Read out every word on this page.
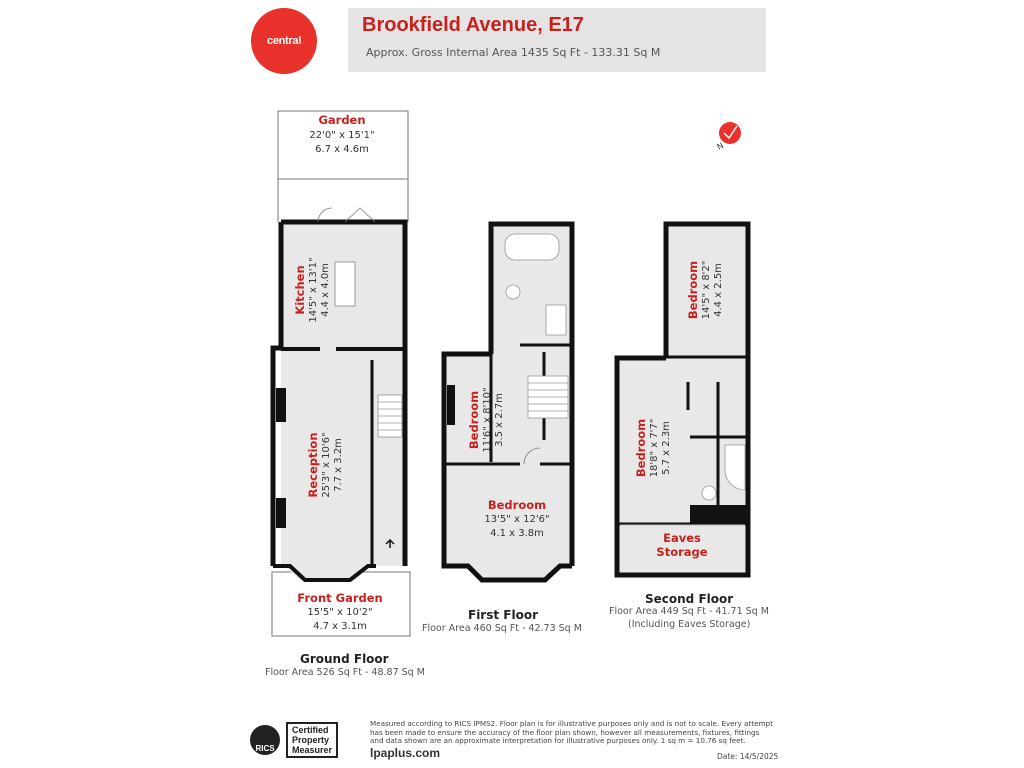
central
Brookfield Avenue, E17
Approx. Gross Internal Area 1435 Sq Ft - 133.31 Sq M
Garden
22'0" x 15'1"
6.7 x 4.6m
Kitchen 14'5" x 13'1" 4.4 x 4.0m
Reception 25'3" x 10'6" 7.7 x 3.2m
Front Garden
15'5" x 10'2"
4.7 x 3.1m
Bedroom 11'6" x 8'10" 3.5 x 2.7m
Bedroom
13'5" x 12'6"
4.1 x 3.8m
Bedroom 14'5" x 8'2" 4.4 x 2.5m
Bedroom 18'8" x 7'7" 5.7 x 2.3m
Eaves
Storage
N
Ground Floor
Floor Area 526 Sq Ft - 48.87 Sq M
First Floor
Floor Area 460 Sq Ft - 42.73 Sq M
Second Floor
Floor Area 449 Sq Ft - 41.71 Sq M
(Including Eaves Storage)
RICS
Certified
Property
Measurer
Measured according to RICS IPMS2. Floor plan is for illustrative purposes only and is not to scale. Every attempt has been made to ensure the accuracy of the floor plan shown, however all measurements, fixtures, fittings and data shown are an approximate interpretation for illustrative purposes only. 1 sq m = 10.76 sq feet.
lpaplus.com	Date: 14/5/2025
